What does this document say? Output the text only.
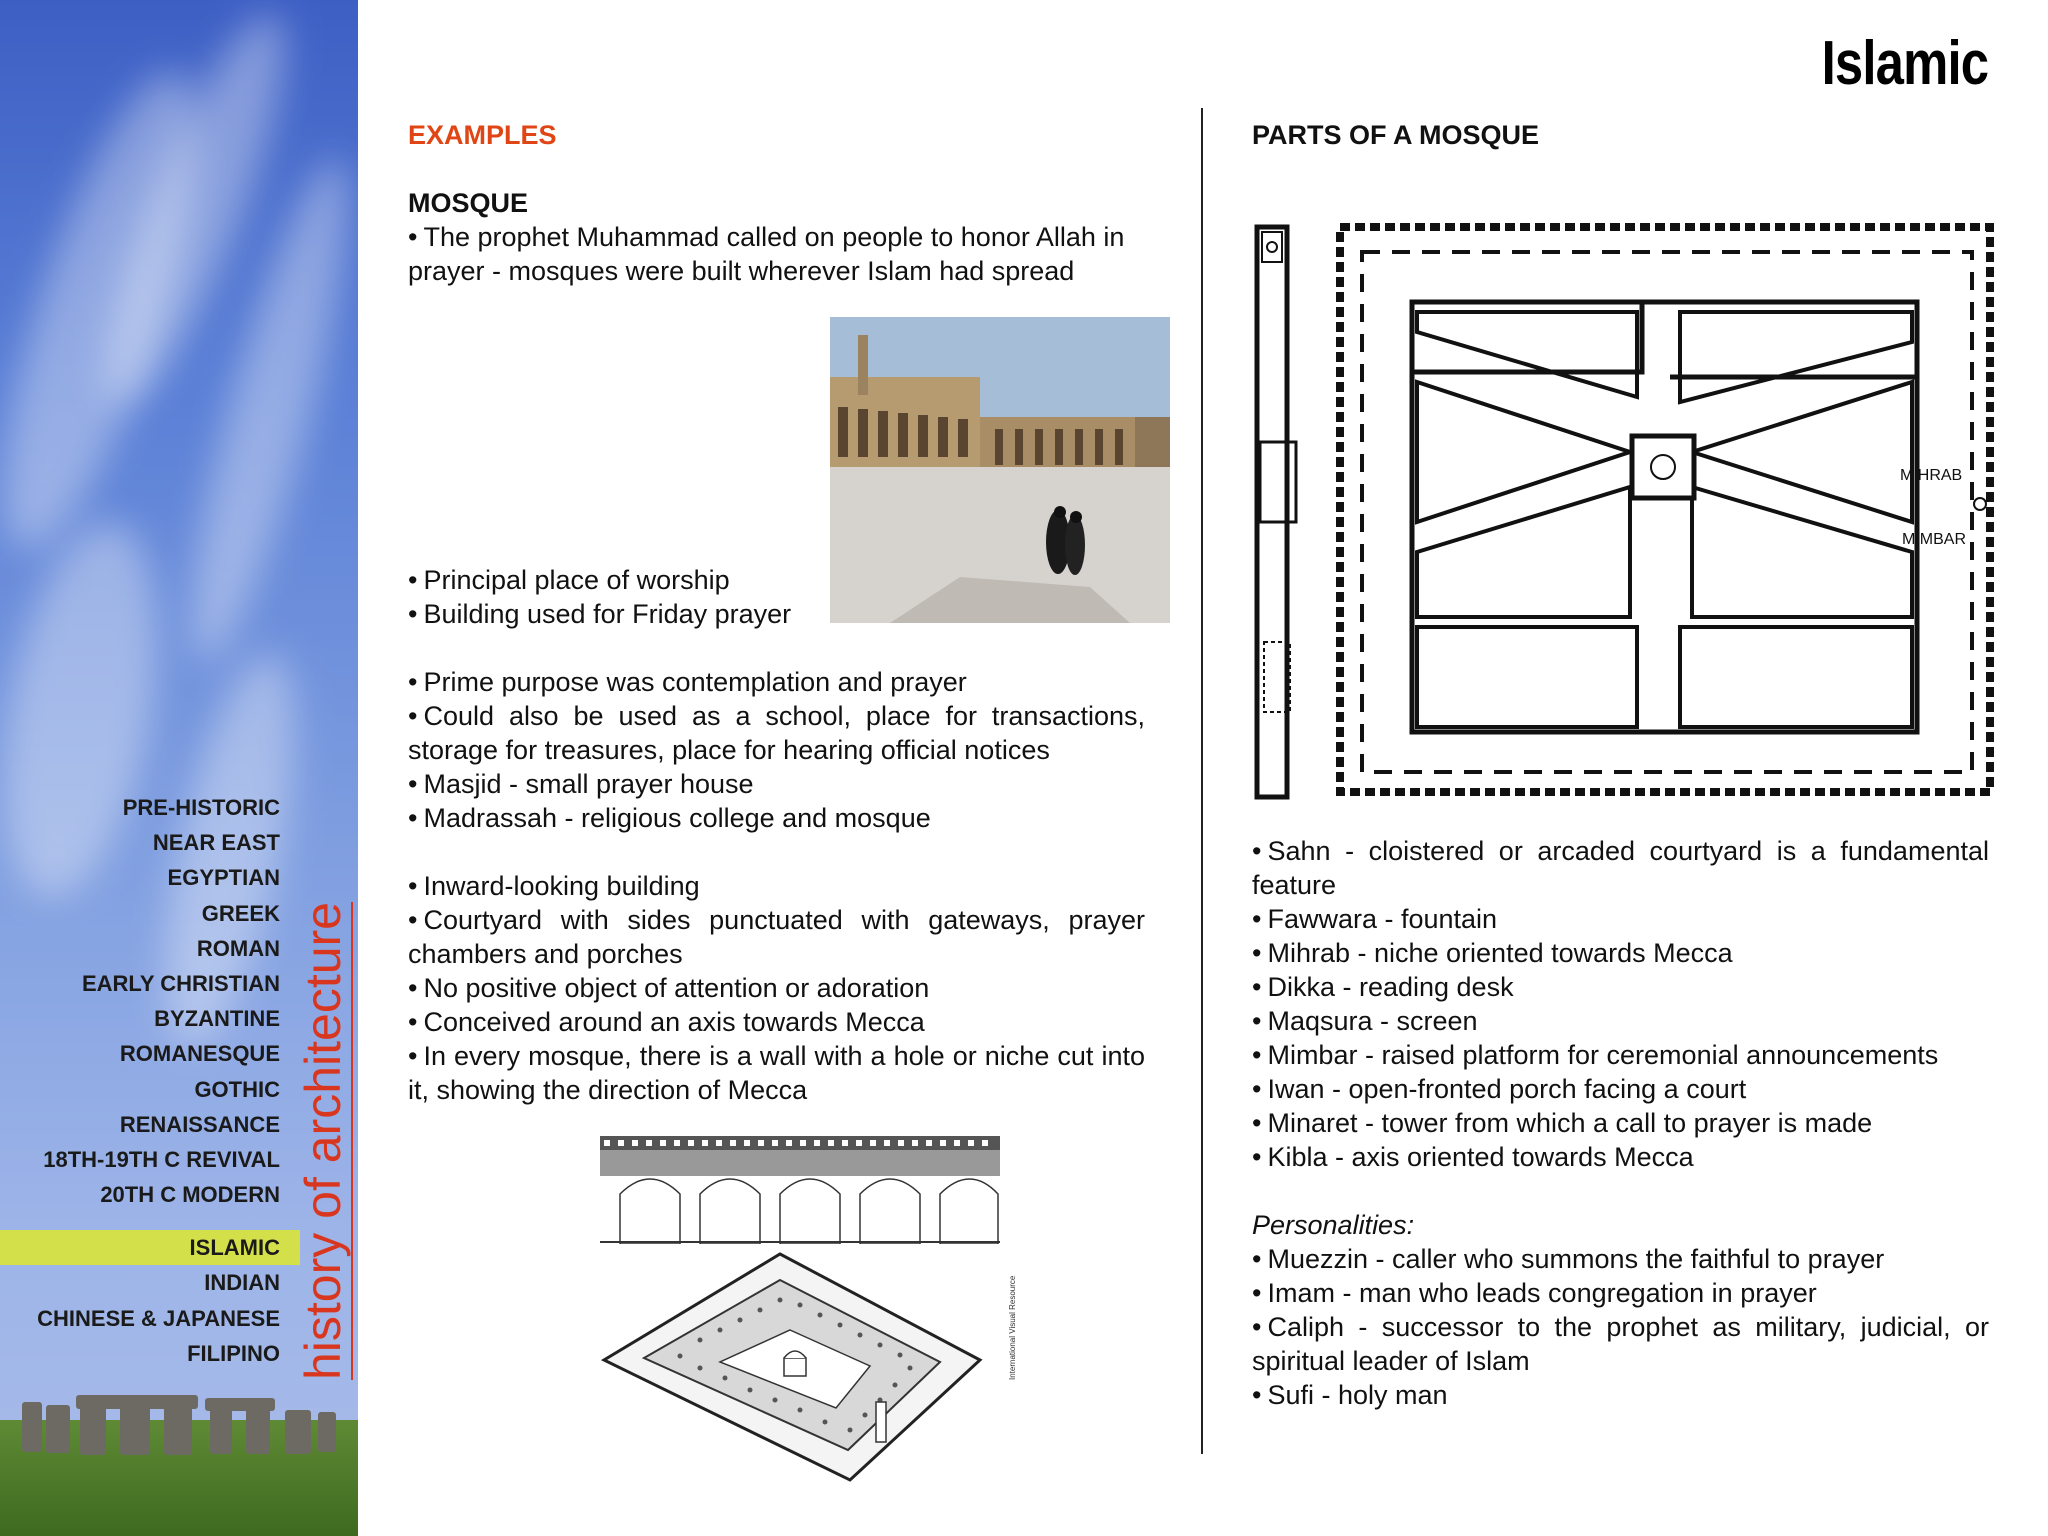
PRE-HISTORIC
NEAR EAST
EGYPTIAN
GREEK
ROMAN
EARLY CHRISTIAN
BYZANTINE
ROMANESQUE
GOTHIC
RENAISSANCE
18TH-19TH C REVIVAL
20TH C MODERN
ISLAMIC
INDIAN
CHINESE & JAPANESE
FILIPINO history of architecture
Islamic

EXAMPLES

MOSQUE

• The prophet Muhammad called on people to honor Allah in prayer - mosques were built wherever Islam had spread

• Principal place of worship

• Building used for Friday prayer

• Prime purpose was contemplation and prayer

• Could also be used as a school, place for transactions, storage for treasures, place for hearing official notices

• Masjid - small prayer house

• Madrassah - religious college and mosque

• Inward-looking building

• Courtyard with sides punctuated with gateways, prayer chambers and porches

• No positive object of attention or adoration

• Conceived around an axis towards Mecca

• In every mosque, there is a wall with a hole or niche cut into it, showing the direction of Mecca

International Visual Resource

PARTS OF A MOSQUE

MIHRAB
MIMBAR

• Sahn - cloistered or arcaded courtyard is a fundamental feature

• Fawwara - fountain

• Mihrab - niche oriented towards Mecca

• Dikka - reading desk

• Maqsura - screen

• Mimbar - raised platform for ceremonial announcements

• Iwan - open-fronted porch facing a court

• Minaret - tower from which a call to prayer is made

• Kibla - axis oriented towards Mecca

Personalities:

• Muezzin - caller who summons the faithful to prayer

• Imam - man who leads congregation in prayer

• Caliph - successor to the prophet as military, judicial, or spiritual leader of Islam

• Sufi - holy man
